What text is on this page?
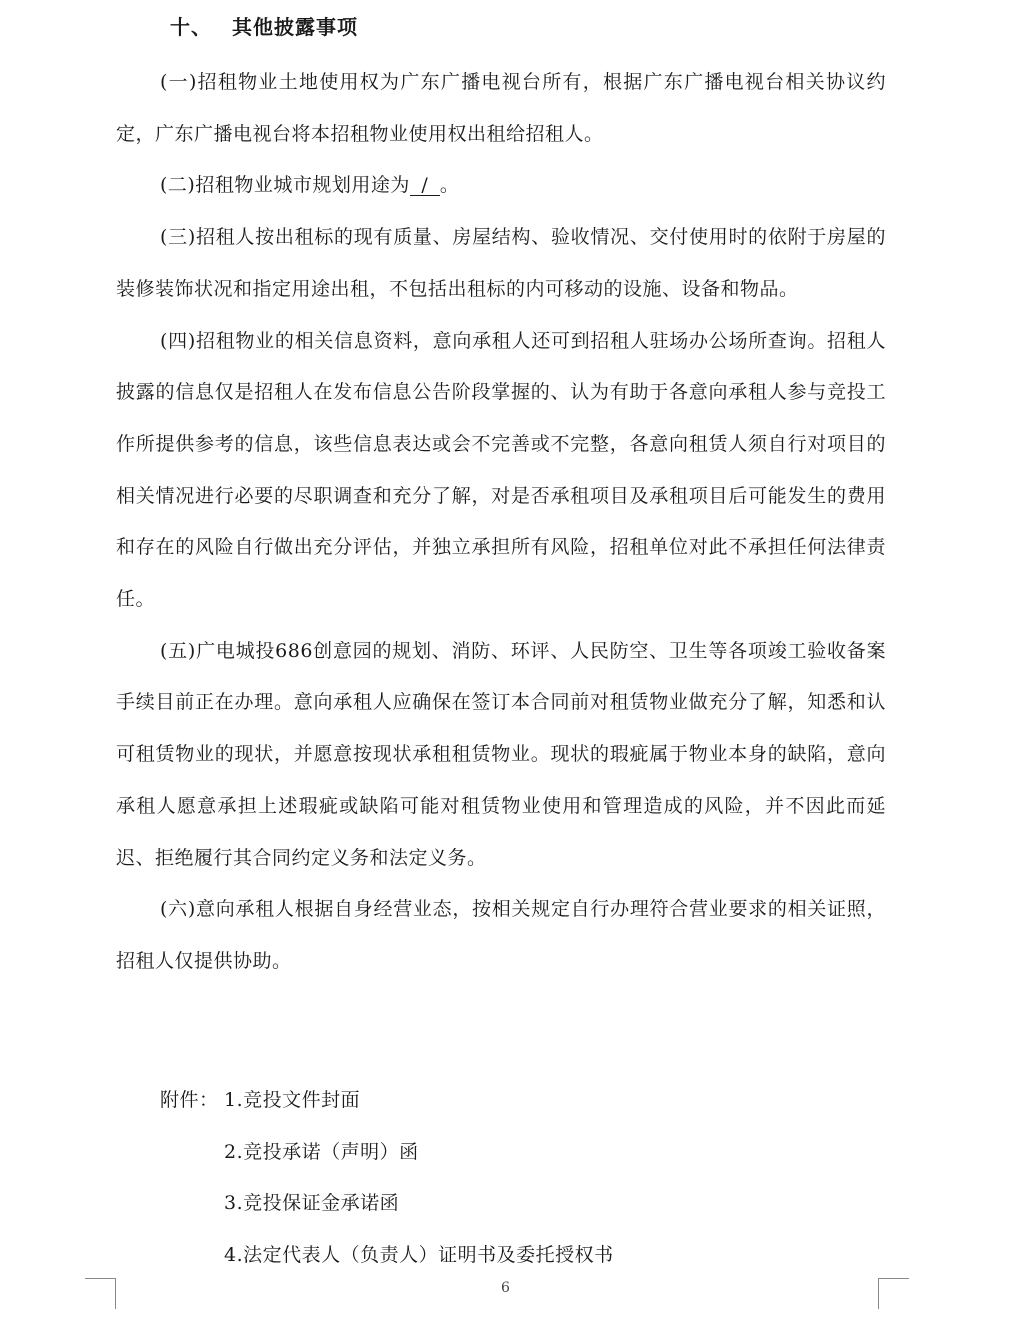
十、 其他披露事项

(一)招租物业土地使用权为广东广播电视台所有，根据广东广播电视台相关协议约定，广东广播电视台将本招租物业使用权出租给招租人。

(二)招租物业城市规划用途为 / 。

(三)招租人按出租标的现有质量、房屋结构、验收情况、交付使用时的依附于房屋的装修装饰状况和指定用途出租，不包括出租标的内可移动的设施、设备和物品。

(四)招租物业的相关信息资料，意向承租人还可到招租人驻场办公场所查询。招租人披露的信息仅是招租人在发布信息公告阶段掌握的、认为有助于各意向承租人参与竞投工作所提供参考的信息，该些信息表达或会不完善或不完整，各意向租赁人须自行对项目的相关情况进行必要的尽职调查和充分了解，对是否承租项目及承租项目后可能发生的费用和存在的风险自行做出充分评估，并独立承担所有风险，招租单位对此不承担任何法律责任。

(五)广电城投686创意园的规划、消防、环评、人民防空、卫生等各项竣工验收备案手续目前正在办理。意向承租人应确保在签订本合同前对租赁物业做充分了解，知悉和认可租赁物业的现状，并愿意按现状承租租赁物业。现状的瑕疵属于物业本身的缺陷，意向承租人愿意承担上述瑕疵或缺陷可能对租赁物业使用和管理造成的风险，并不因此而延迟、拒绝履行其合同约定义务和法定义务。

(六)意向承租人根据自身经营业态，按相关规定自行办理符合营业要求的相关证照，招租人仅提供协助。

附件： 1.竞投文件封面
2.竞投承诺（声明）函
3.竞投保证金承诺函
4.法定代表人（负责人）证明书及委托授权书
6
